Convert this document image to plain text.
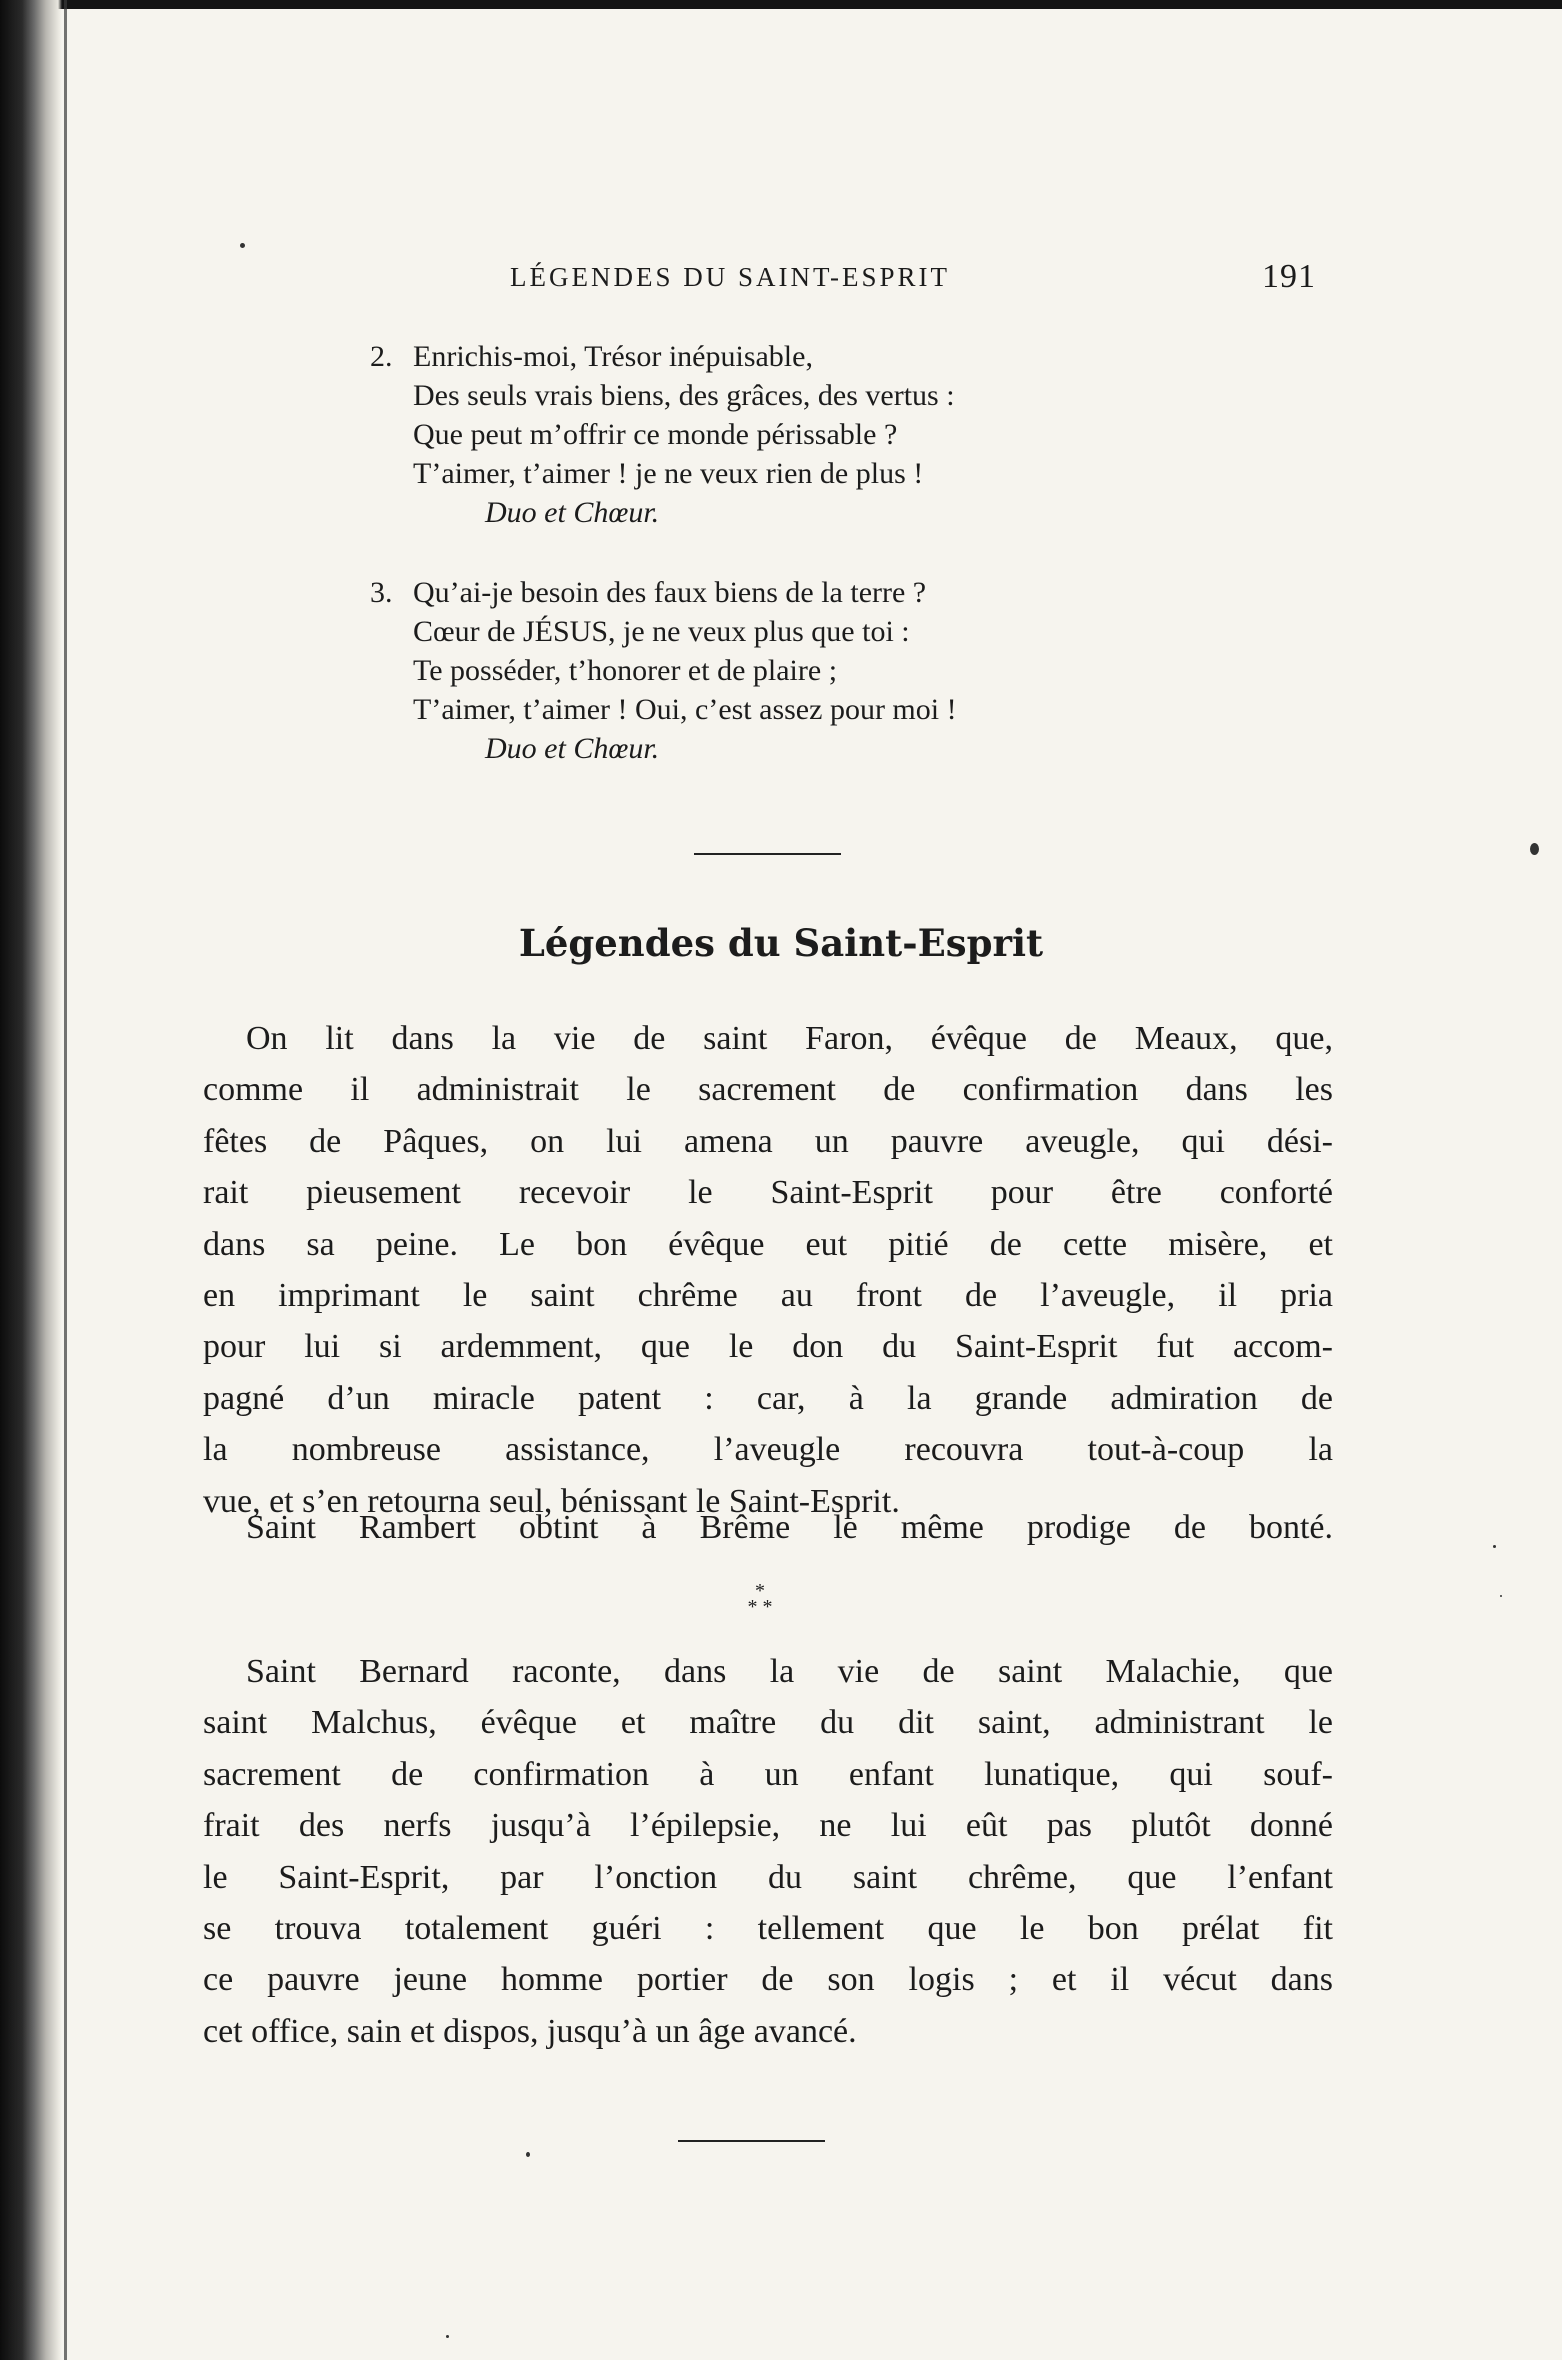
LÉGENDES DU SAINT-ESPRIT	191
2. Enrichis-moi, Trésor inépuisable,
Des seuls vrais biens, des grâces, des vertus :
Que peut m’offrir ce monde périssable ?
T’aimer, t’aimer ! je ne veux rien de plus !
Duo et Chœur.
3. Qu’ai-je besoin des faux biens de la terre ?
Cœur de JÉSUS, je ne veux plus que toi :
Te posséder, t’honorer et de plaire ;
T’aimer, t’aimer ! Oui, c’est assez pour moi !
Duo et Chœur.
Légendes du Saint-Esprit
On lit dans la vie de saint Faron, évêque de Meaux, que,
comme il administrait le sacrement de confirmation dans les
fêtes de Pâques, on lui amena un pauvre aveugle, qui dési-
rait pieusement recevoir le Saint-Esprit pour être conforté
dans sa peine. Le bon évêque eut pitié de cette misère, et
en imprimant le saint chrême au front de l’aveugle, il pria
pour lui si ardemment, que le don du Saint-Esprit fut accom-
pagné d’un miracle patent : car, à la grande admiration de
la nombreuse assistance, l’aveugle recouvra tout-à-coup la
vue, et s’en retourna seul, bénissant le Saint-Esprit.
Saint Rambert obtint à Brême le même prodige de bonté.
*
* *
Saint Bernard raconte, dans la vie de saint Malachie, que
saint Malchus, évêque et maître du dit saint, administrant le
sacrement de confirmation à un enfant lunatique, qui souf-
frait des nerfs jusqu’à l’épilepsie, ne lui eût pas plutôt donné
le Saint-Esprit, par l’onction du saint chrême, que l’enfant
se trouva totalement guéri : tellement que le bon prélat fit
ce pauvre jeune homme portier de son logis ; et il vécut dans
cet office, sain et dispos, jusqu’à un âge avancé.
